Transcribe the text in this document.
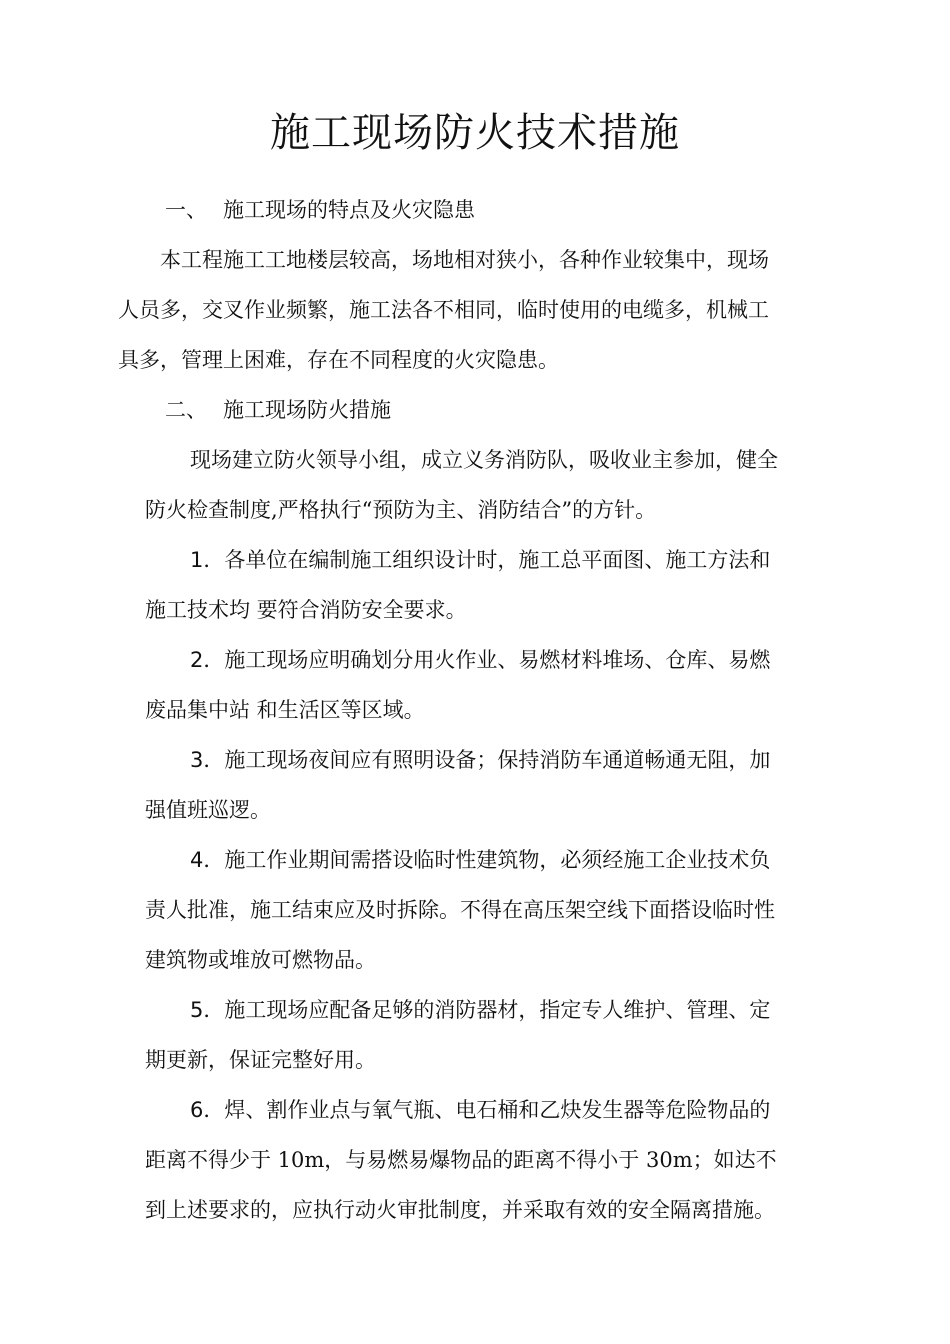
施工现场防火技术措施
一、 施工现场的特点及火灾隐患
本工程施工工地楼层较高，场地相对狭小，各种作业较集中，现场
人员多，交叉作业频繁，施工法各不相同，临时使用的电缆多，机械工
具多，管理上困难，存在不同程度的火灾隐患。
二、 施工现场防火措施
现场建立防火领导小组，成立义务消防队，吸收业主参加，健全
防火检查制度,严格执行“预防为主、消防结合”的方针。
1．各单位在编制施工组织设计时，施工总平面图、施工方法和
施工技术均 要符合消防安全要求。
2．施工现场应明确划分用火作业、易燃材料堆场、仓库、易燃
废品集中站 和生活区等区域。
3．施工现场夜间应有照明设备；保持消防车通道畅通无阻，加
强值班巡逻。
4．施工作业期间需搭设临时性建筑物，必须经施工企业技术负
责人批准，施工结束应及时拆除。不得在高压架空线下面搭设临时性
建筑物或堆放可燃物品。
5．施工现场应配备足够的消防器材，指定专人维护、管理、定
期更新，保证完整好用。
6．焊、割作业点与氧气瓶、电石桶和乙炔发生器等危险物品的
距离不得少于 10m，与易燃易爆物品的距离不得小于 30m；如达不
到上述要求的，应执行动火审批制度，并采取有效的安全隔离措施。
